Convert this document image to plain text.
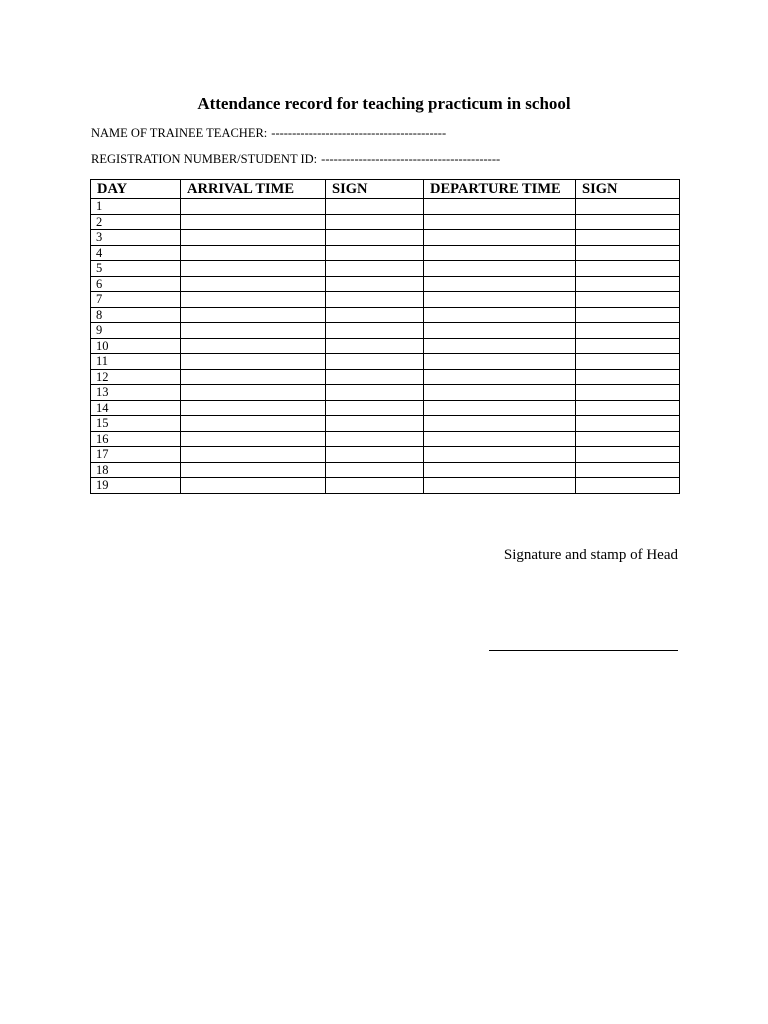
Attendance record for teaching practicum in school
NAME OF TRAINEE TEACHER: ------------------------------------------
REGISTRATION NUMBER/STUDENT ID: -------------------------------------------
DAY	ARRIVAL TIME	SIGN	DEPARTURE TIME	SIGN
1				
2				
3				
4				
5				
6				
7				
8				
9				
10				
11				
12				
13				
14				
15				
16				
17				
18				
19				
Signature and stamp of Head
